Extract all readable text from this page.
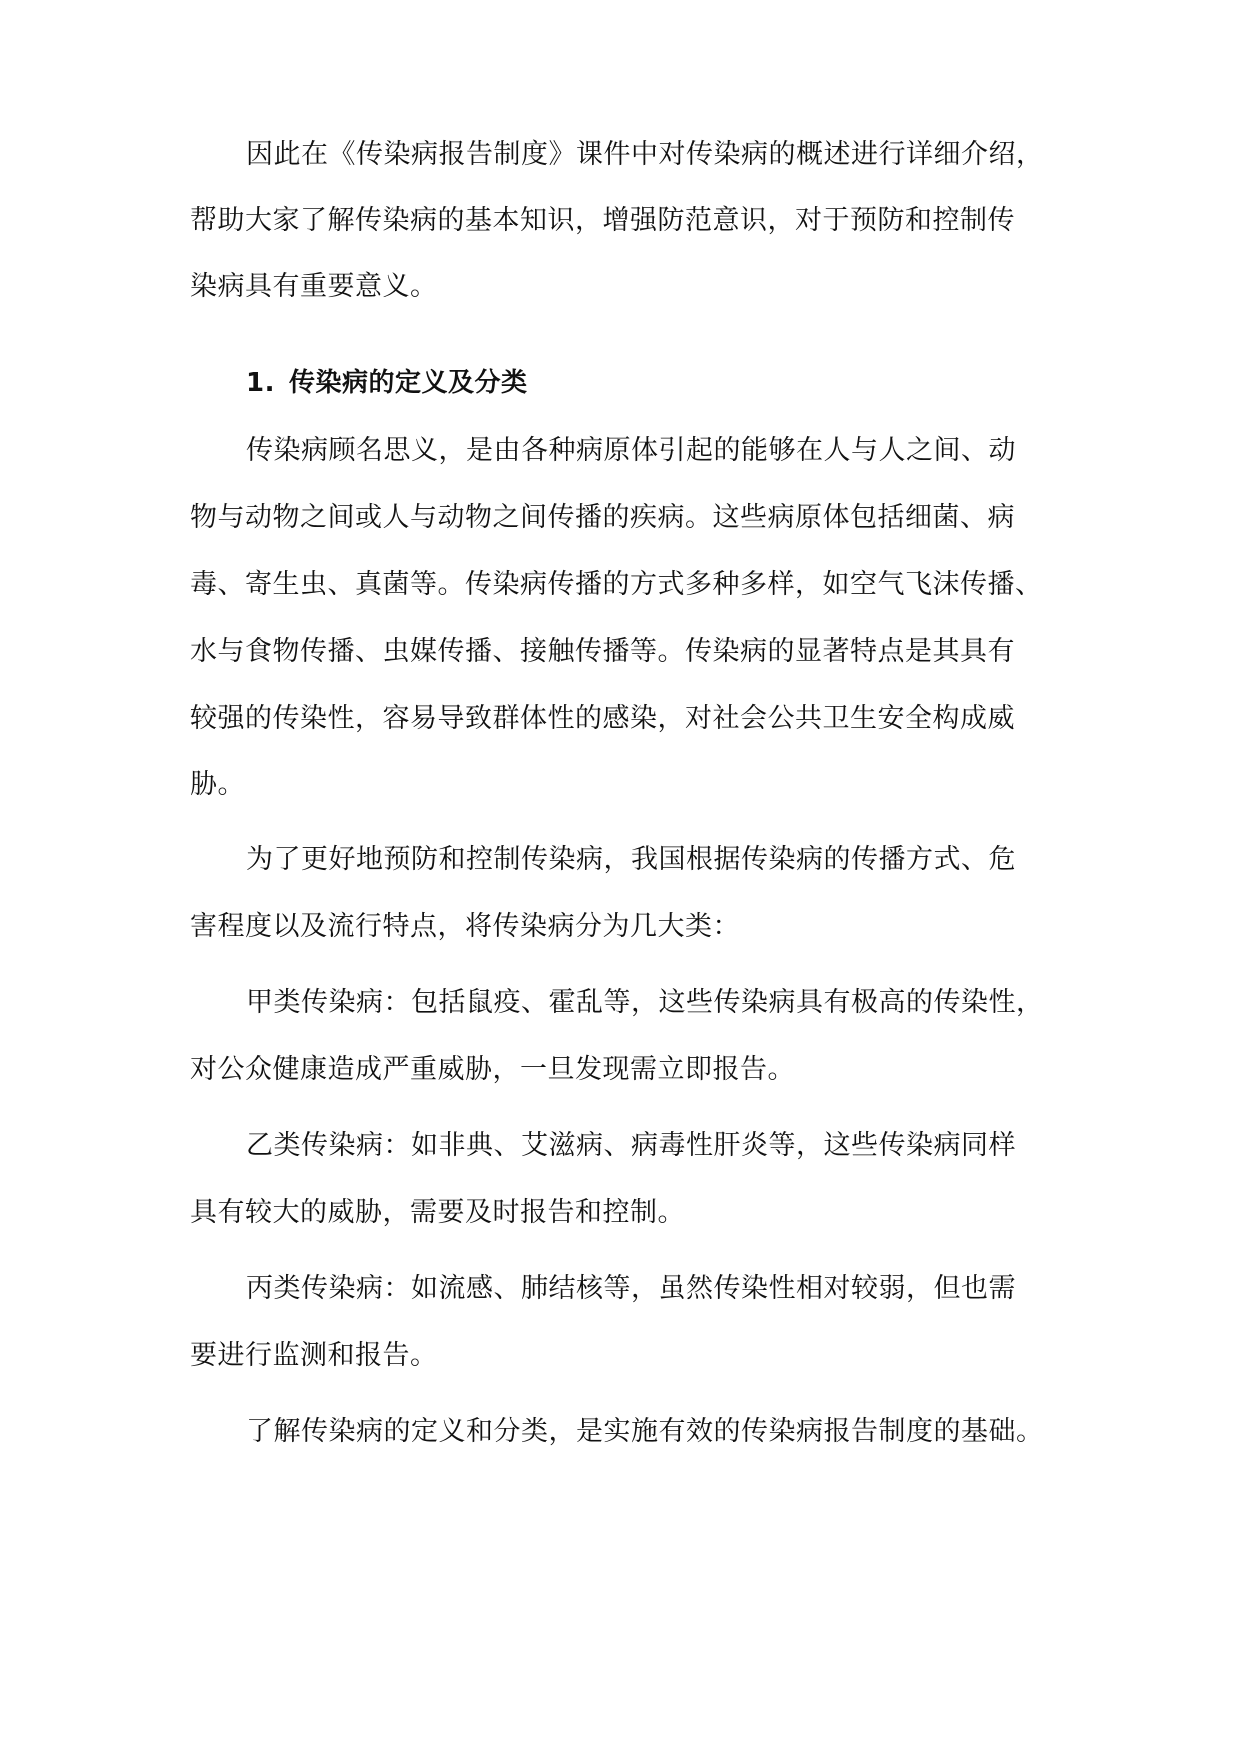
因此在《传染病报告制度》课件中对传染病的概述进行详细介绍，
帮助大家了解传染病的基本知识，增强防范意识，对于预防和控制传
染病具有重要意义。
1. 传染病的定义及分类
传染病顾名思义，是由各种病原体引起的能够在人与人之间、动
物与动物之间或人与动物之间传播的疾病。这些病原体包括细菌、病
毒、寄生虫、真菌等。传染病传播的方式多种多样，如空气飞沫传播、
水与食物传播、虫媒传播、接触传播等。传染病的显著特点是其具有
较强的传染性，容易导致群体性的感染，对社会公共卫生安全构成威
胁。
为了更好地预防和控制传染病，我国根据传染病的传播方式、危
害程度以及流行特点，将传染病分为几大类：
甲类传染病：包括鼠疫、霍乱等，这些传染病具有极高的传染性，
对公众健康造成严重威胁，一旦发现需立即报告。
乙类传染病：如非典、艾滋病、病毒性肝炎等，这些传染病同样
具有较大的威胁，需要及时报告和控制。
丙类传染病：如流感、肺结核等，虽然传染性相对较弱，但也需
要进行监测和报告。
了解传染病的定义和分类，是实施有效的传染病报告制度的基础。
